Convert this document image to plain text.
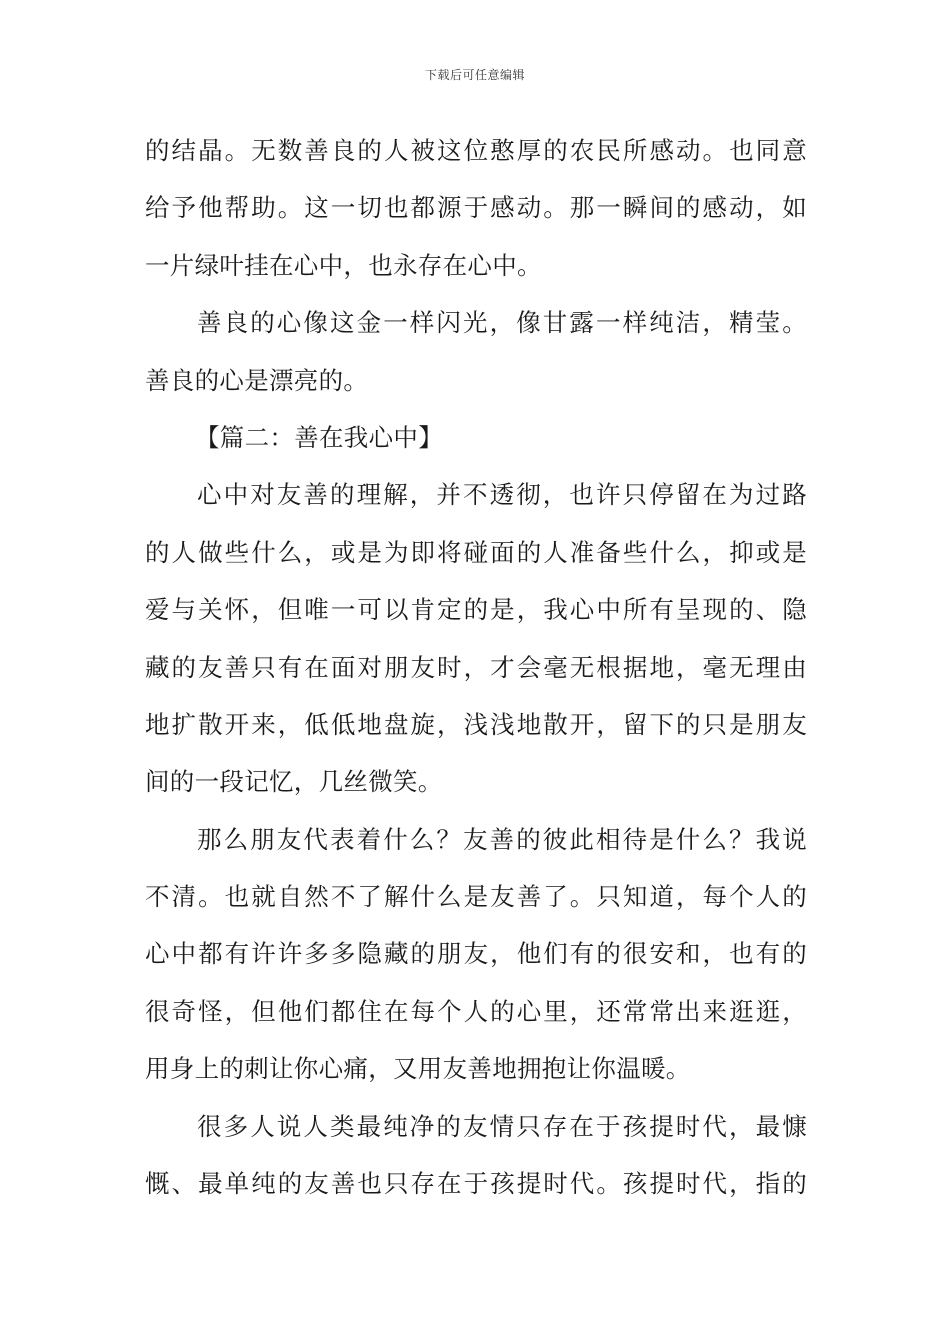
下载后可任意编辑
的结晶。无数善良的人被这位憨厚的农民所感动。也同意
给予他帮助。这一切也都源于感动。那一瞬间的感动，如
一片绿叶挂在心中，也永存在心中。
善良的心像这金一样闪光，像甘露一样纯洁，精莹。
善良的心是漂亮的。
【篇二：善在我心中】
心中对友善的理解，并不透彻，也许只停留在为过路
的人做些什么，或是为即将碰面的人准备些什么，抑或是
爱与关怀，但唯一可以肯定的是，我心中所有呈现的、隐
藏的友善只有在面对朋友时，才会毫无根据地，毫无理由
地扩散开来，低低地盘旋，浅浅地散开，留下的只是朋友
间的一段记忆，几丝微笑。
那么朋友代表着什么？友善的彼此相待是什么？我说
不清。也就自然不了解什么是友善了。只知道，每个人的
心中都有许许多多隐藏的朋友，他们有的很安和，也有的
很奇怪，但他们都住在每个人的心里，还常常出来逛逛，
用身上的刺让你心痛，又用友善地拥抱让你温暖。
很多人说人类最纯净的友情只存在于孩提时代，最慷
慨、最单纯的友善也只存在于孩提时代。孩提时代，指的
